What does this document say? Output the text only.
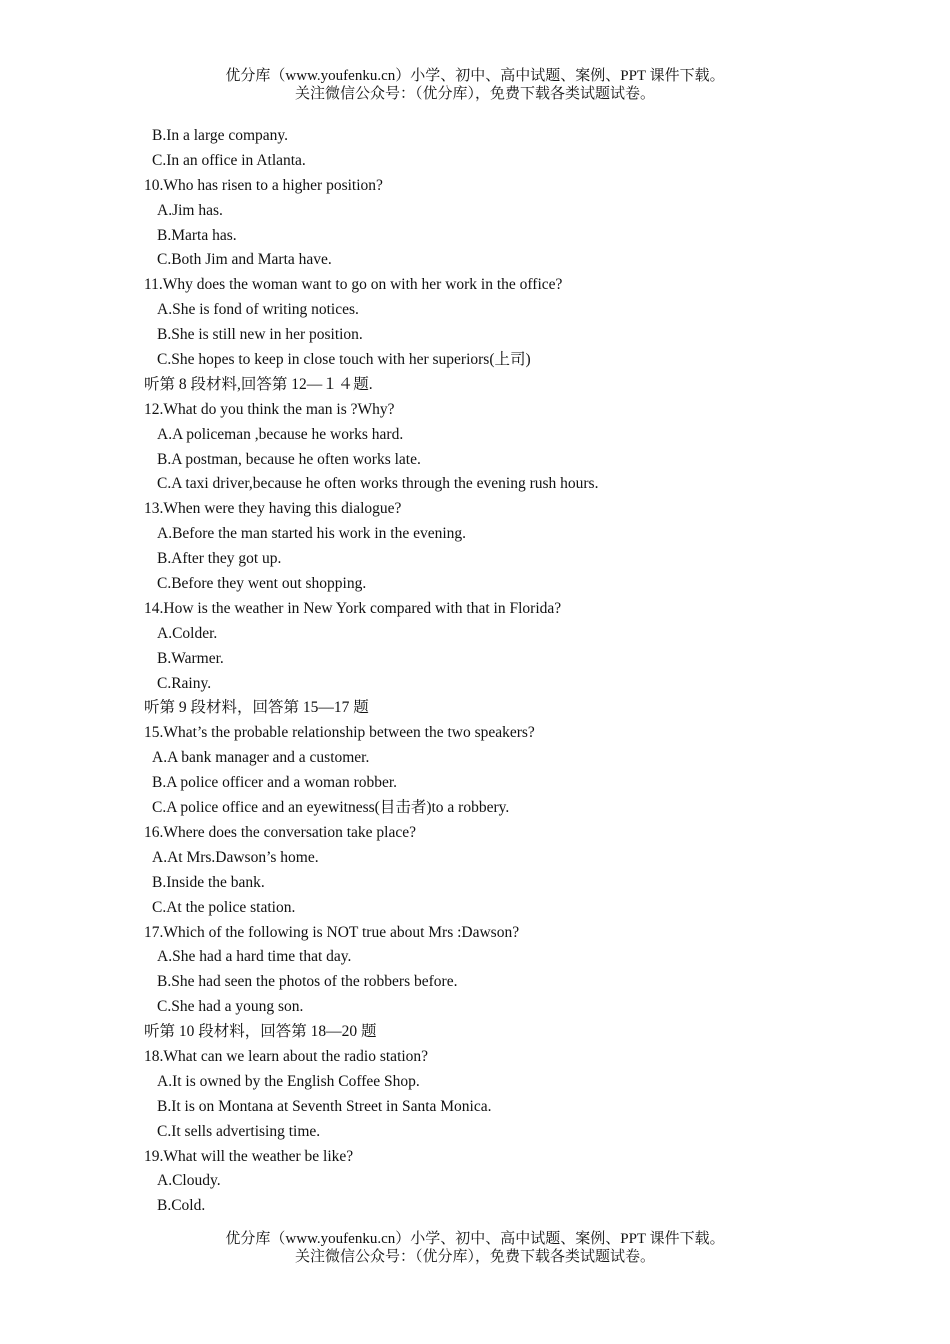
优分库（www.youfenku.cn）小学、初中、高中试题、案例、PPT 课件下载。
关注微信公众号：（优分库），免费下载各类试题试卷。
B.In a large company.
C.In an office in Atlanta.
10.Who has risen to a higher position?
A.Jim has.
B.Marta has.
C.Both Jim and Marta have.
11.Why does the woman want to go on with her work in the office?
A.She is fond of writing notices.
B.She is still new in her position.
C.She hopes to keep in close touch with her superiors(上司)
听第 8 段材料,回答第 12—１４题.
12.What do you think the man is ?Why?
A.A policeman ,because he works hard.
B.A postman, because he often works late.
C.A taxi driver,because he often works through the evening rush hours.
13.When were they having this dialogue?
A.Before the man started his work in the evening.
B.After they got up.
C.Before they went out shopping.
14.How is the weather in New York compared with that in Florida?
A.Colder.
B.Warmer.
C.Rainy.
听第 9 段材料，回答第 15—17 题
15.What’s the probable relationship between the two speakers?
A.A bank manager and a customer.
B.A police officer and a woman robber.
C.A police office and an eyewitness(目击者)to a robbery.
16.Where does the conversation take place?
A.At Mrs.Dawson’s home.
B.Inside the bank.
C.At the police station.
17.Which of the following is NOT true about Mrs :Dawson?
A.She had a hard time that day.
B.She had seen the photos of the robbers before.
C.She had a young son.
听第 10 段材料，回答第 18—20 题
18.What can we learn about the radio station?
A.It is owned by the English Coffee Shop.
B.It is on Montana at Seventh Street in Santa Monica.
C.It sells advertising time.
19.What will the weather be like?
A.Cloudy.
B.Cold.
优分库（www.youfenku.cn）小学、初中、高中试题、案例、PPT 课件下载。
关注微信公众号：（优分库），免费下载各类试题试卷。
